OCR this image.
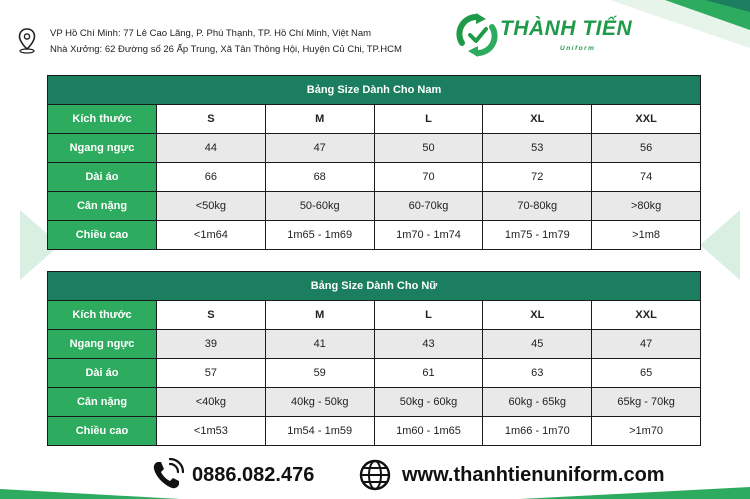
VP Hồ Chí Minh: 77 Lê Cao Lãng, P. Phú Thạnh, TP. Hồ Chí Minh, Việt Nam
Nhà Xưởng: 62 Đường số 26 Ấp Trung, Xã Tân Thông Hội, Huyện Củ Chi, TP.HCM
THÀNH TIẾN
Uniform
Bảng Size Dành Cho Nam					
Kích thước	S	M	L	XL	XXL
Ngang ngực	44	47	50	53	56
Dài áo	66	68	70	72	74
Cân nặng	<50kg	50-60kg	60-70kg	70-80kg	>80kg
Chiều cao	<1m64	1m65 - 1m69	1m70 - 1m74	1m75 - 1m79	>1m8
Bảng Size Dành Cho Nữ					
Kích thước	S	M	L	XL	XXL
Ngang ngực	39	41	43	45	47
Dài áo	57	59	61	63	65
Cân nặng	<40kg	40kg - 50kg	50kg - 60kg	60kg - 65kg	65kg - 70kg
Chiều cao	<1m53	1m54 - 1m59	1m60 - 1m65	1m66 - 1m70	>1m70
0886.082.476	www.thanhtienuniform.com
